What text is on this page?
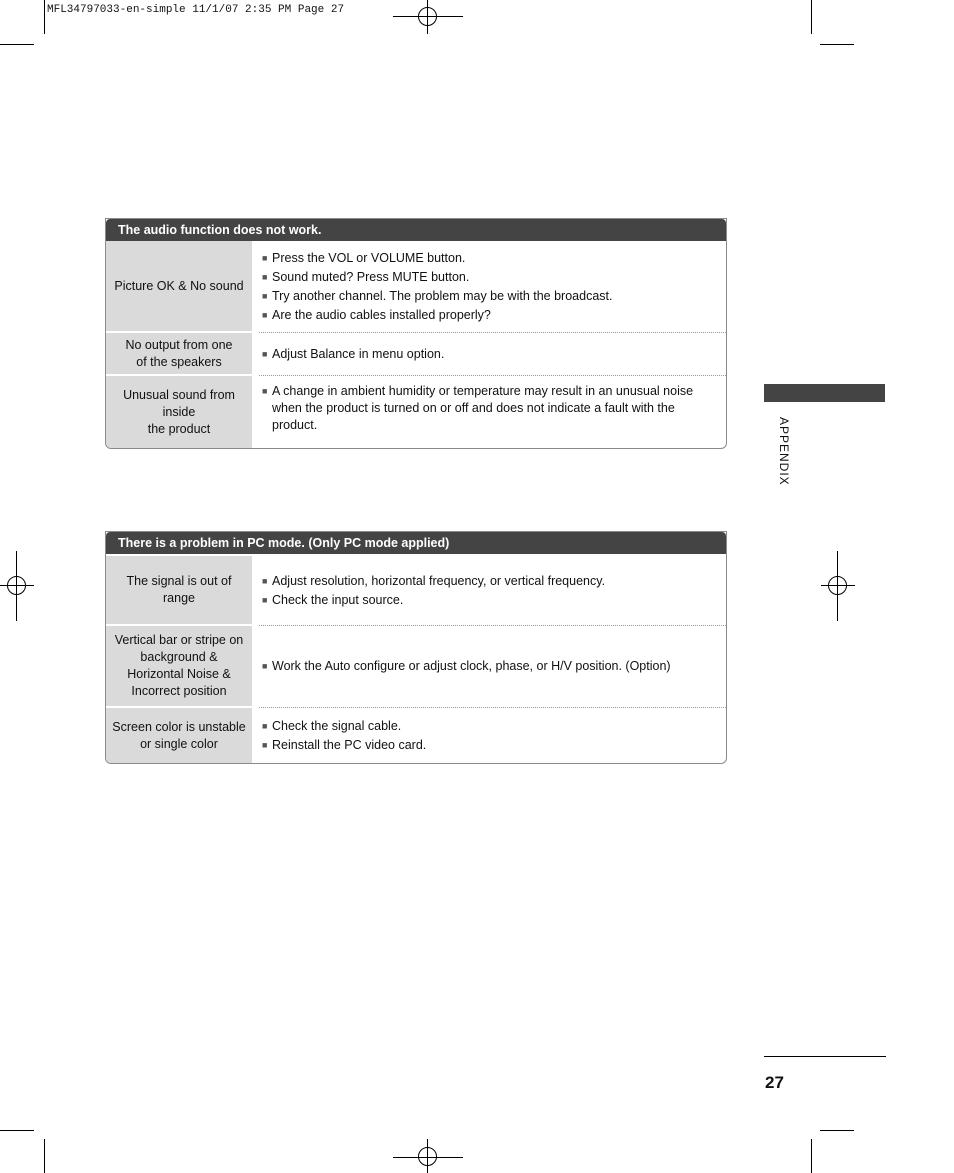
MFL34797033-en-simple 11/1/07 2:35 PM Page 27
The audio function does not work.
Picture OK & No sound
■ Press the VOL or VOLUME button.
■ Sound muted? Press MUTE button.
■ Try another channel. The problem may be with the broadcast.
■ Are the audio cables installed properly?
No output from one
of the speakers
■ Adjust Balance in menu option.
Unusual sound from
inside
the product
■ A change in ambient humidity or temperature may result in an unusual noise when the product is turned on or off and does not indicate a fault with the product.
There is a problem in PC mode. (Only PC mode applied)
The signal is out of range
■ Adjust resolution, horizontal frequency, or vertical frequency.
■ Check the input source.
Vertical bar or stripe on
background &
Horizontal Noise &
Incorrect position
■ Work the Auto configure or adjust clock, phase, or H/V position. (Option)
Screen color is unstable
or single color
■ Check the signal cable.
■ Reinstall the PC video card.
APPENDIX
27
